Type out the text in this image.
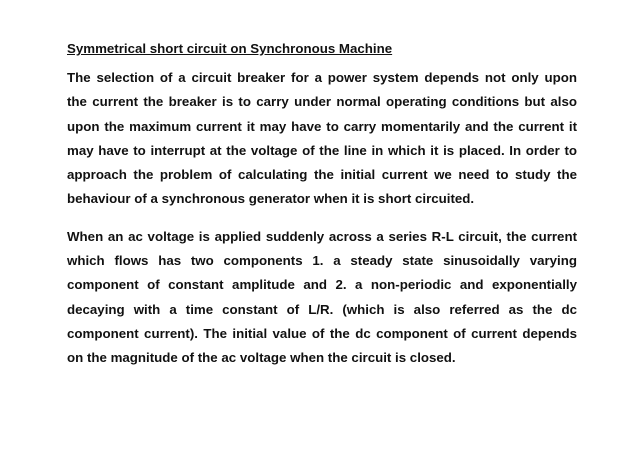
Symmetrical short circuit on Synchronous Machine
The selection of a circuit breaker for a power system depends not only upon
the current the breaker is to carry under normal operating conditions but also
upon the maximum current it may have to carry momentarily and the current it
may have to interrupt at the voltage of the line in which it is placed. In order to
approach the problem of calculating the initial current we need to study the
behaviour of a synchronous generator when it is short circuited.
When an ac voltage is applied suddenly across a series R-L circuit, the current
which flows has two components 1. a steady state sinusoidally varying
component of constant amplitude and 2. a non-periodic and exponentially
decaying with a time constant of L/R. (which is also referred as the dc
component current). The initial value of the dc component of current depends
on the magnitude of the ac voltage when the circuit is closed.
